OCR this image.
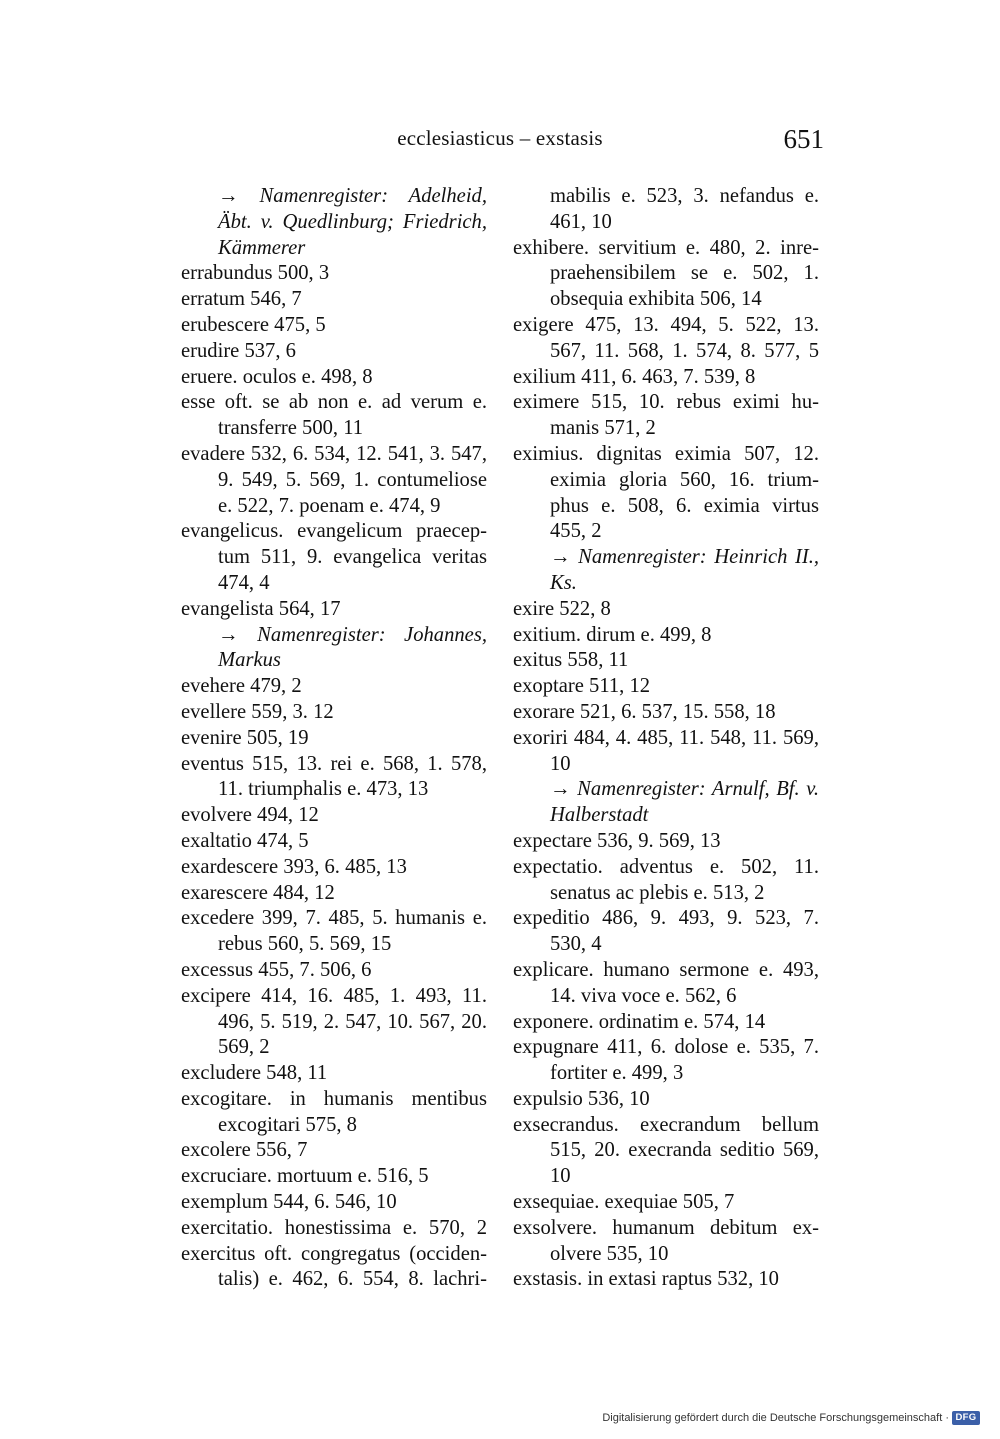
ecclesiasticus – exstasis	651
→ Namenregister: Adelheid,
Äbt. v. Quedlinburg; Friedrich,
Kämmerer
errabundus 500, 3
erratum 546, 7
erubescere 475, 5
erudire 537, 6
eruere. oculos e. 498, 8
esse oft. se ab non e. ad verum e.
transferre 500, 11
evadere 532, 6. 534, 12. 541, 3. 547,
9. 549, 5. 569, 1. contumeliose
e. 522, 7. poenam e. 474, 9
evangelicus. evangelicum praecep-
tum 511, 9. evangelica veritas
474, 4
evangelista 564, 17
→ Namenregister: Johannes,
Markus
evehere 479, 2
evellere 559, 3. 12
evenire 505, 19
eventus 515, 13. rei e. 568, 1. 578,
11. triumphalis e. 473, 13
evolvere 494, 12
exaltatio 474, 5
exardescere 393, 6. 485, 13
exarescere 484, 12
excedere 399, 7. 485, 5. humanis e.
rebus 560, 5. 569, 15
excessus 455, 7. 506, 6
excipere 414, 16. 485, 1. 493, 11.
496, 5. 519, 2. 547, 10. 567, 20.
569, 2
excludere 548, 11
excogitare. in humanis mentibus
excogitari 575, 8
excolere 556, 7
excruciare. mortuum e. 516, 5
exemplum 544, 6. 546, 10
exercitatio. honestissima e. 570, 2
exercitus oft. congregatus (occiden-
talis) e. 462, 6. 554, 8. lachri-
mabilis e. 523, 3. nefandus e.
461, 10
exhibere. servitium e. 480, 2. inre-
praehensibilem se e. 502, 1.
obsequia exhibita 506, 14
exigere 475, 13. 494, 5. 522, 13.
567, 11. 568, 1. 574, 8. 577, 5
exilium 411, 6. 463, 7. 539, 8
eximere 515, 10. rebus eximi hu-
manis 571, 2
eximius. dignitas eximia 507, 12.
eximia gloria 560, 16. trium-
phus e. 508, 6. eximia virtus
455, 2
→ Namenregister: Heinrich II.,
Ks.
exire 522, 8
exitium. dirum e. 499, 8
exitus 558, 11
exoptare 511, 12
exorare 521, 6. 537, 15. 558, 18
exoriri 484, 4. 485, 11. 548, 11. 569,
10
→ Namenregister: Arnulf, Bf. v.
Halberstadt
expectare 536, 9. 569, 13
expectatio. adventus e. 502, 11.
senatus ac plebis e. 513, 2
expeditio 486, 9. 493, 9. 523, 7.
530, 4
explicare. humano sermone e. 493,
14. viva voce e. 562, 6
exponere. ordinatim e. 574, 14
expugnare 411, 6. dolose e. 535, 7.
fortiter e. 499, 3
expulsio 536, 10
exsecrandus. execrandum bellum
515, 20. execranda seditio 569,
10
exsequiae. exequiae 505, 7
exsolvere. humanum debitum ex-
olvere 535, 10
exstasis. in extasi raptus 532, 10
Digitalisierung gefördert durch die Deutsche Forschungsgemeinschaft · DFG
